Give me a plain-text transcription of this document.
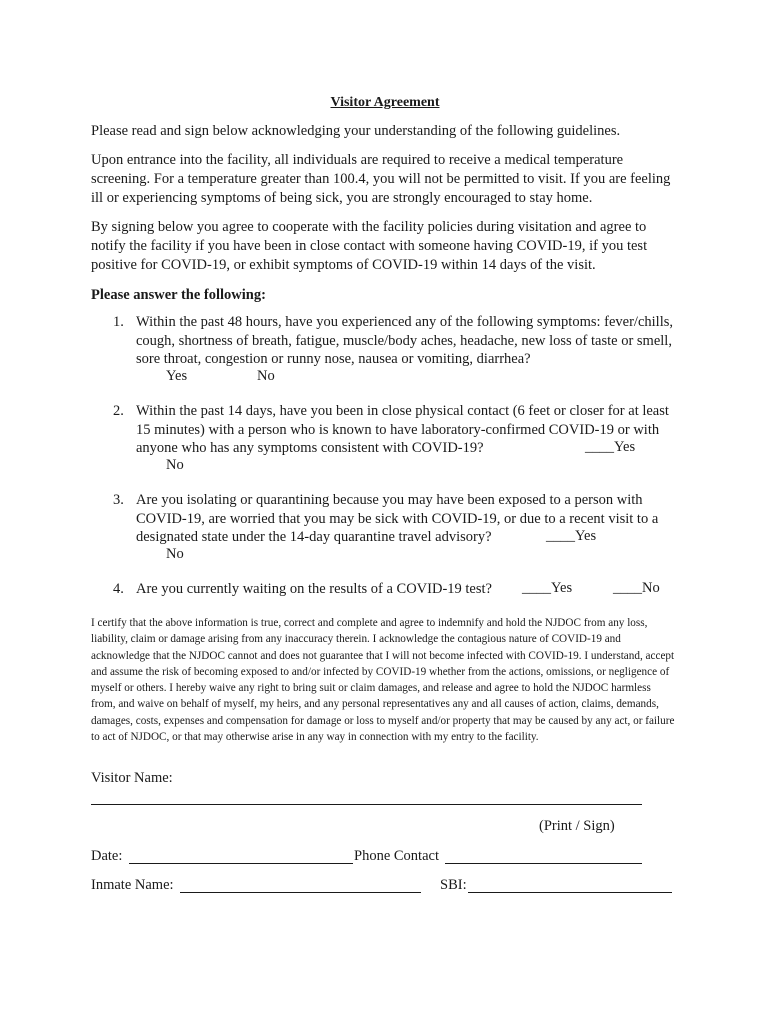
Visitor Agreement

Please read and sign below acknowledging your understanding of the following guidelines.

Upon entrance into the facility, all individuals are required to receive a medical temperature screening. For a temperature greater than 100.4, you will not be permitted to visit. If you are feeling ill or experiencing symptoms of being sick, you are strongly encouraged to stay home.

By signing below you agree to cooperate with the facility policies during visitation and agree to notify the facility if you have been in close contact with someone having COVID-19, if you test positive for COVID-19, or exhibit symptoms of COVID-19 within 14 days of the visit.

Please answer the following:

1. Within the past 48 hours, have you experienced any of the following symptoms: fever/chills, cough, shortness of breath, fatigue, muscle/body aches, headache, new loss of taste or smell, sore throat, congestion or runny nose, nausea or vomiting, diarrhea?
Yes	No
2. Within the past 14 days, have you been in close physical contact (6 feet or closer for at least 15 minutes) with a person who is known to have laboratory-confirmed COVID-19 or with anyone who has any symptoms consistent with COVID-19?	____Yes
No
3. Are you isolating or quarantining because you may have been exposed to a person with COVID-19, are worried that you may be sick with COVID-19, or due to a recent visit to a designated state under the 14-day quarantine travel advisory?	____Yes
No
4. Are you currently waiting on the results of a COVID-19 test?	____Yes	____No

I certify that the above information is true, correct and complete and agree to indemnify and hold the NJDOC from any loss, liability, claim or damage arising from any inaccuracy therein. I acknowledge the contagious nature of COVID-19 and acknowledge that the NJDOC cannot and does not guarantee that I will not become infected with COVID-19. I understand, accept and assume the risk of becoming exposed to and/or infected by COVID-19 whether from the actions, omissions, or negligence of myself or others. I hereby waive any right to bring suit or claim damages, and release and agree to hold the NJDOC harmless from, and waive on behalf of myself, my heirs, and any personal representatives any and all causes of action, claims, demands, damages, costs, expenses and compensation for damage or loss to myself and/or property that may be caused by any act, or failure to act of NJDOC, or that may otherwise arise in any way in connection with my entry to the facility.

Visitor Name:
(Print / Sign)
Date:	Phone Contact
Inmate Name:	SBI:
